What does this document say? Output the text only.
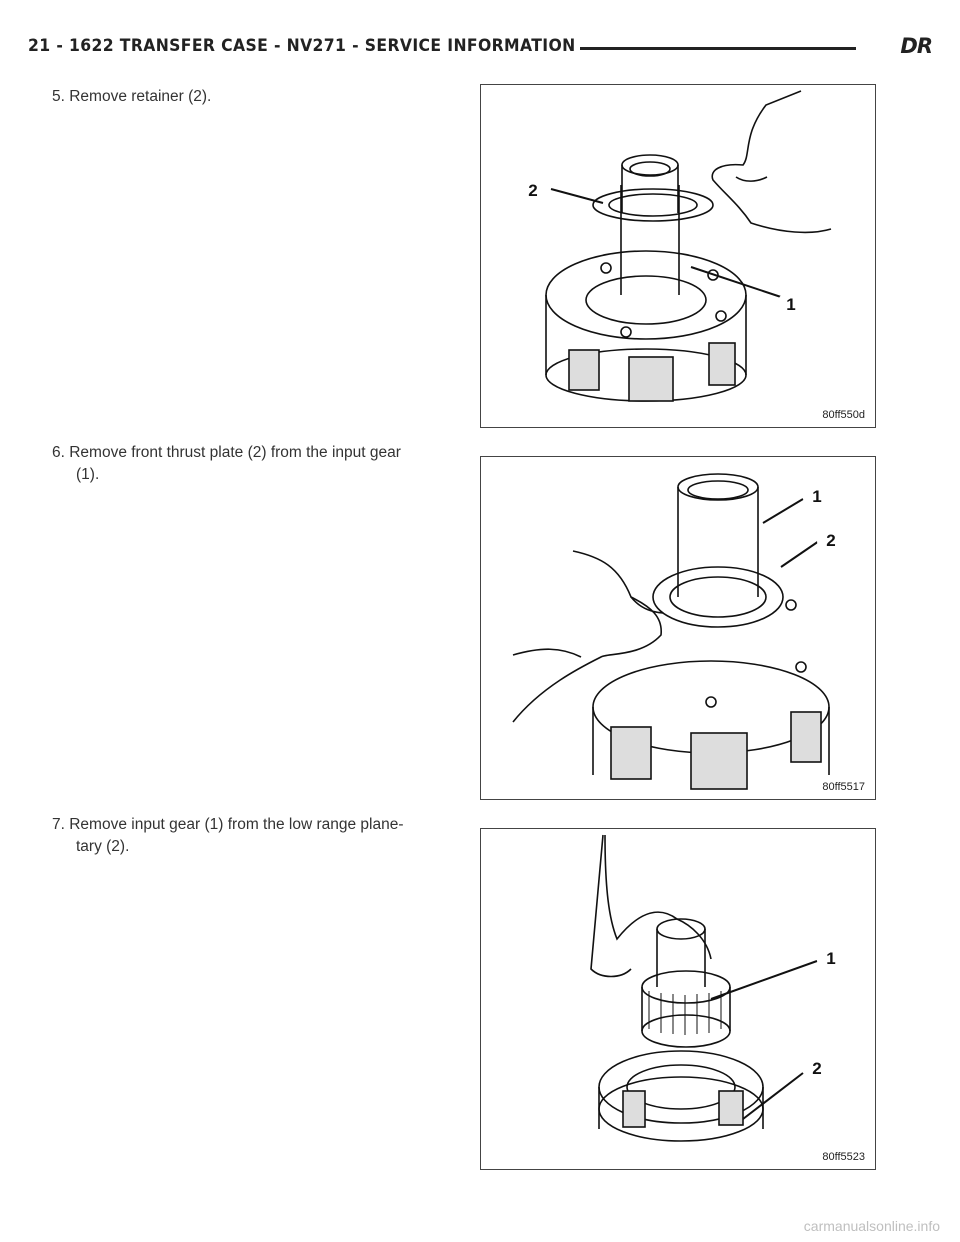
21 - 1622 TRANSFER CASE - NV271 - SERVICE INFORMATION	DR
5. Remove retainer (2).
2
1
80ff550d
6. Remove front thrust plate (2) from the input gear
(1).
1
2
80ff5517
7. Remove input gear (1) from the low range plane-
tary (2).
1
2
80ff5523
carmanualsonline.info
